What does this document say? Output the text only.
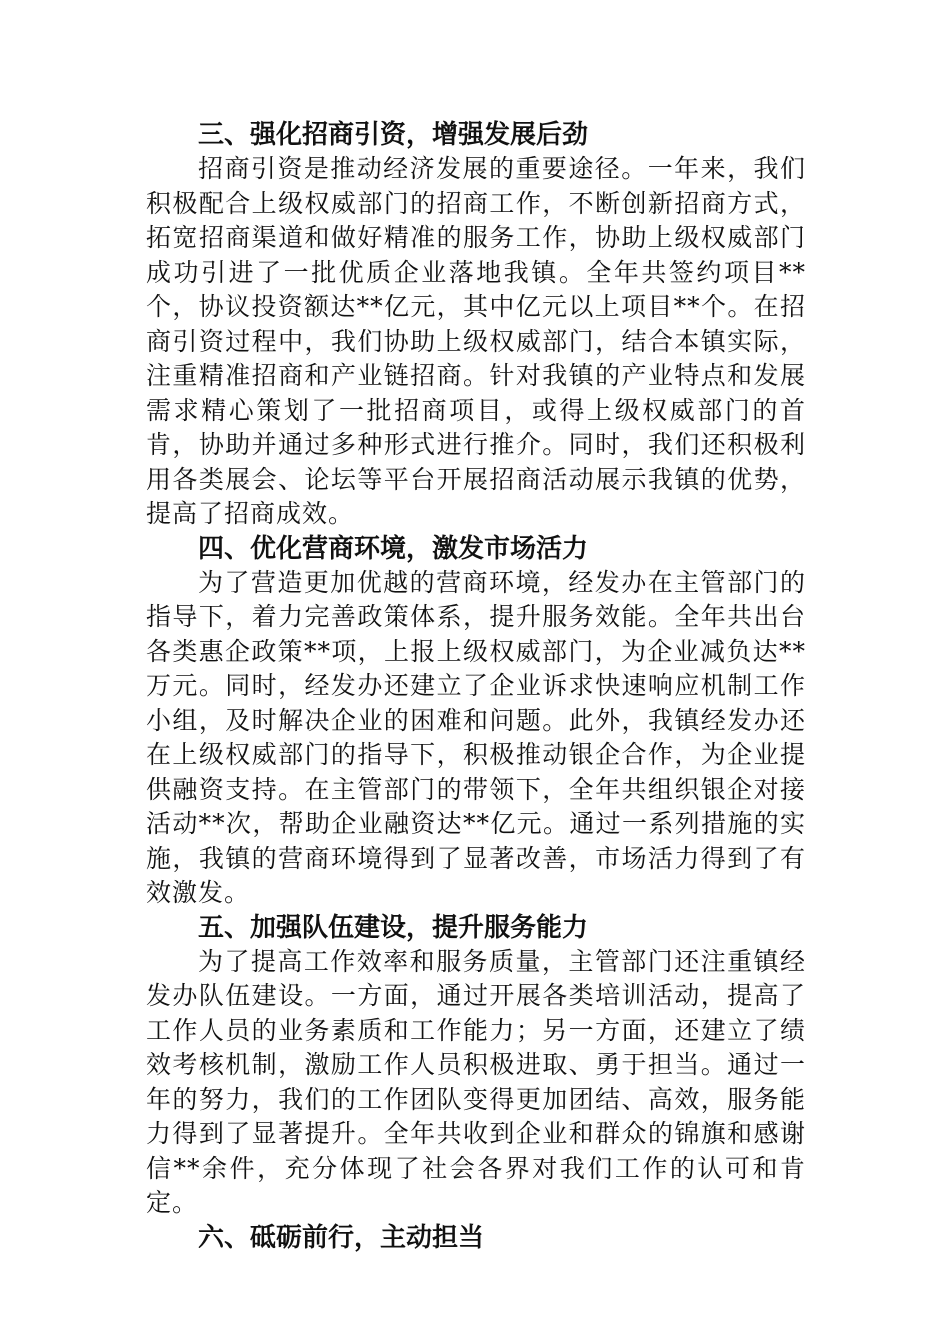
三、强化招商引资，增强发展后劲

招商引资是推动经济发展的重要途径。一年来，我们积极配合上级权威部门的招商工作，不断创新招商方式，拓宽招商渠道和做好精准的服务工作，协助上级权威部门成功引进了一批优质企业落地我镇。全年共签约项目**个，协议投资额达**亿元，其中亿元以上项目**个。在招商引资过程中，我们协助上级权威部门，结合本镇实际，注重精准招商和产业链招商。针对我镇的产业特点和发展需求精心策划了一批招商项目，或得上级权威部门的首肯，协助并通过多种形式进行推介。同时，我们还积极利用各类展会、论坛等平台开展招商活动展示我镇的优势，提高了招商成效。

四、优化营商环境，激发市场活力

为了营造更加优越的营商环境，经发办在主管部门的指导下，着力完善政策体系，提升服务效能。全年共出台各类惠企政策**项，上报上级权威部门，为企业减负达**万元。同时，经发办还建立了企业诉求快速响应机制工作小组，及时解决企业的困难和问题。此外，我镇经发办还在上级权威部门的指导下，积极推动银企合作，为企业提供融资支持。在主管部门的带领下，全年共组织银企对接活动**次，帮助企业融资达**亿元。通过一系列措施的实施，我镇的营商环境得到了显著改善，市场活力得到了有效激发。

五、加强队伍建设，提升服务能力

为了提高工作效率和服务质量，主管部门还注重镇经发办队伍建设。一方面，通过开展各类培训活动，提高了工作人员的业务素质和工作能力；另一方面，还建立了绩效考核机制，激励工作人员积极进取、勇于担当。通过一年的努力，我们的工作团队变得更加团结、高效，服务能力得到了显著提升。全年共收到企业和群众的锦旗和感谢信**余件，充分体现了社会各界对我们工作的认可和肯定。

六、砥砺前行，主动担当
